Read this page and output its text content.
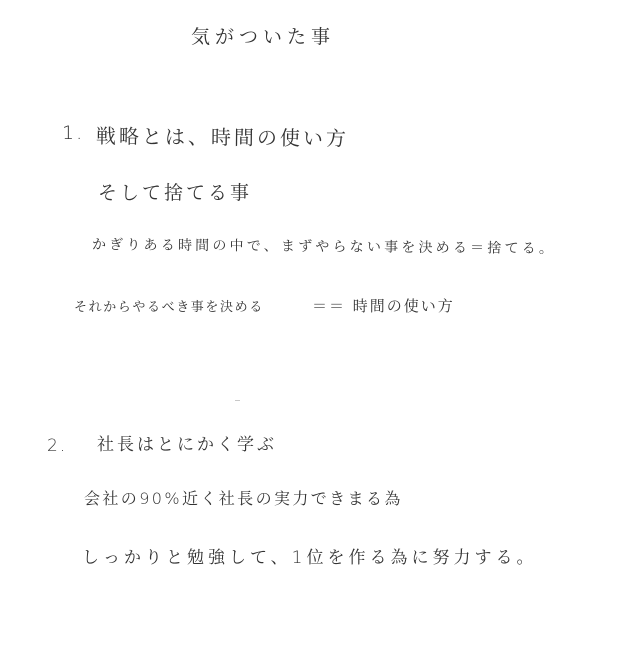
気がついた事
1. 戦略とは、時間の使い方
そして捨てる事
かぎりある時間の中で、まずやらない事を決める＝捨てる。
それからやるべき事を決める	＝＝ 時間の使い方
2. 社長はとにかく学ぶ
会社の90%近く社長の実力できまる為
しっかりと勉強して、1位を作る為に努力する。
